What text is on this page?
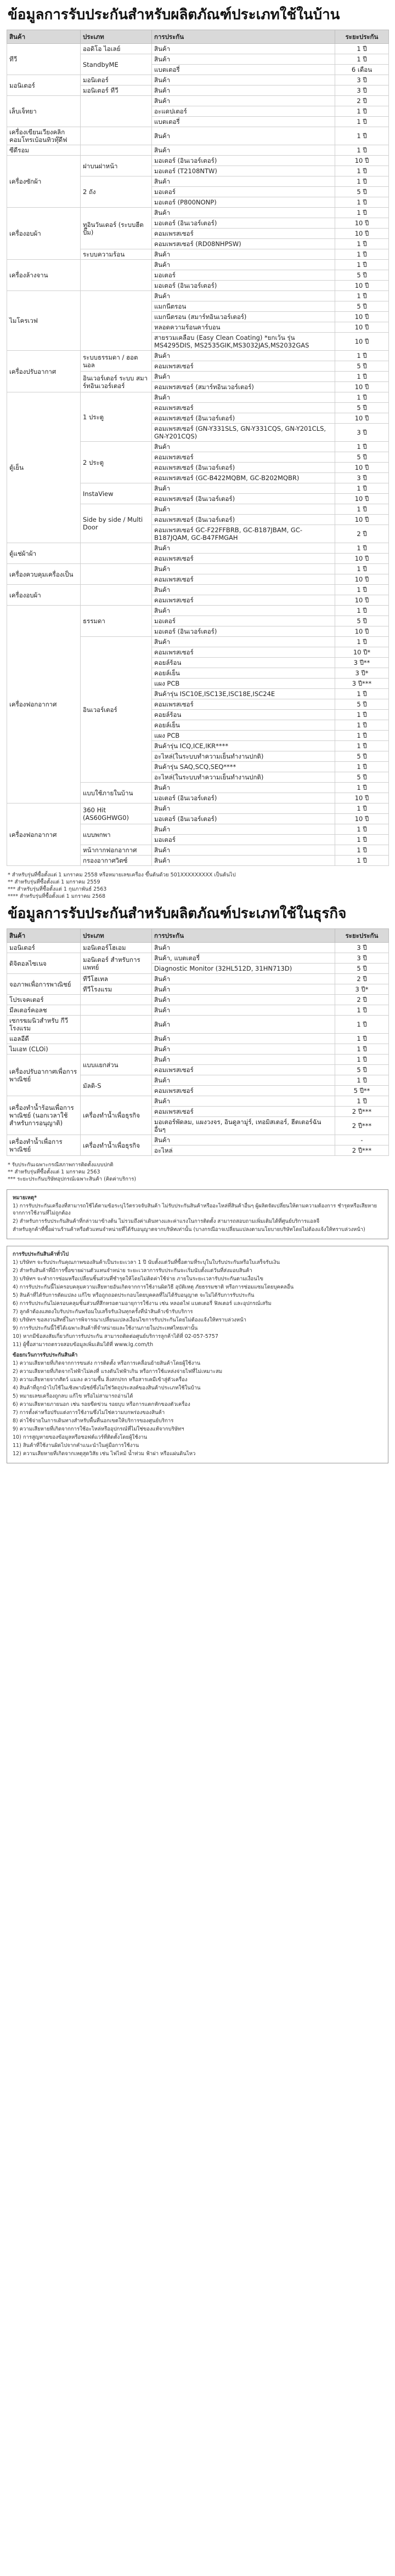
ข้อมูลการรับประกันสำหรับผลิตภัณฑ์ประเภทใช้ในบ้าน
สินค้า	ประเภท	การประกัน	ระยะประกัน
ทีวี	ออดิโอ ไอเลย์	สินค้า	1 ปี
	StandbyME	สินค้า	1 ปี
		แบตเตอรี่	6 เดือน
มอนิเตอร์	มอนิเตอร์	สินค้า	3 ปี
	มอนิเตอร์ ทีวี	สินค้า	3 ปี
เล็บเจ็ทยา		สินค้า	2 ปี
		อะแดปเตอร์	1 ปี
		แบตเตอรี่	1 ปี
เครื่องเขียนเวียงคลิก คอมโทรเบ้อนทิวทุ๊ดีฟ		สินค้า	1 ปี
ซีดีรอม		สินค้า	1 ปี
เครื่องซักผ้า	ฝาบนฝาหน้า	มอเตอร์ (อินเวอร์เตอร์)	10 ปี
		มอเตอร์ (T2108NTW)	1 ปี
	2 ถัง	สินค้า	1 ปี
		มอเตอร์	5 ปี
		มอเตอร์ (P800NONP)	1 ปี
เครื่องอบผ้า	ทูอินวันเดอร์ (ระบบฮีตปั๊ม)	สินค้า	1 ปี
		มอเตอร์ (อินเวอร์เตอร์)	10 ปี
		คอมเพรสเซอร์	10 ปี
		คอมเพรสเซอร์ (RD08NHPSW)	1 ปี
	ระบบความร้อน	สินค้า	1 ปี
เครื่องล้างจาน		สินค้า	1 ปี
		มอเตอร์	5 ปี
		มอเตอร์ (อินเวอร์เตอร์)	10 ปี
ไมโครเวฟ		สินค้า	1 ปี
		แมกนีตรอน	5 ปี
		แมกนีตรอน (สมาร์ทอินเวอร์เตอร์)	10 ปี
		หลอดความร้อนคาร์บอน	10 ปี
		สายรวมเคลือบ (Easy Clean Coating) *ยกเว้น รุ่น MS4295DIS, MS2535GIK,MS3032JAS,MS2032GAS	10 ปี
เครื่องปรับอากาศ	ระบบธรรมดา / ฮอตนอล	สินค้า	1 ปี
		คอมเพรสเซอร์	5 ปี
	อินเวอร์เตอร์ ระบบ สมาร์ทอินเวอร์เตอร์	สินค้า	1 ปี
		คอมเพรสเซอร์ (สมาร์ทอินเวอร์เตอร์)	10 ปี
ตู้เย็น	1 ประตู	สินค้า	1 ปี
		คอมเพรสเซอร์	5 ปี
		คอมเพรสเซอร์ (อินเวอร์เตอร์)	10 ปี
		คอมเพรสเซอร์ (GN-Y331SLS, GN-Y331CQS, GN-Y201CLS, GN-Y201CQS)	3 ปี
	2 ประตู	สินค้า	1 ปี
		คอมเพรสเซอร์	5 ปี
		คอมเพรสเซอร์ (อินเวอร์เตอร์)	10 ปี
		คอมเพรสเซอร์ (GC-B422MQBM, GC-B202MQBR)	3 ปี
	InstaView	สินค้า	1 ปี
		คอมเพรสเซอร์ (อินเวอร์เตอร์)	10 ปี
	Side by side / Multi Door	สินค้า	1 ปี
		คอมเพรสเซอร์ (อินเวอร์เตอร์)	10 ปี
		คอมเพรสเซอร์ GC-F22FFBRB, GC-B187JBAM, GC-B187JQAM, GC-B47FMGAH	2 ปี
ตู้แช่ผ้าผ้า		สินค้า	1 ปี
		คอมเพรสเซอร์	10 ปี
เครื่องควบคุมเครื่องเป็น		สินค้า	1 ปี
		คอมเพรสเซอร์	10 ปี
เครื่องอบผ้า		สินค้า	1 ปี
		คอมเพรสเซอร์	10 ปี
เครื่องฟอกอากาศ	ธรรมดา	สินค้า	1 ปี
		มอเตอร์	5 ปี
		มอเตอร์ (อินเวอร์เตอร์)	10 ปี
	อินเวอร์เตอร์	สินค้า	1 ปี
		คอมเพรสเซอร์	10 ปี*
		คอยล์ร้อน	3 ปี**
		คอยล์เย็น	3 ปี*
		แผง PCB	3 ปี***
		สินค้ารุ่น ISC10E,ISC13E,ISC18E,ISC24E	1 ปี
		คอมเพรสเซอร์	5 ปี
		คอยล์ร้อน	1 ปี
		คอยล์เย็น	1 ปี
		แผง PCB	1 ปี
		สินค้ารุ่น ICQ,ICE,IKR****	1 ปี
		อะไหล่(ในระบบทำความเย็นทำงานปกติ)	5 ปี
		สินค้ารุ่น SAQ,SCQ,SEQ****	1 ปี
		อะไหล่(ในระบบทำความเย็นทำงานปกติ)	5 ปี
	แบบใช้ภายในบ้าน	สินค้า	1 ปี
		มอเตอร์ (อินเวอร์เตอร์)	10 ปี
เครื่องฟอกอากาศ	360 Hit (AS60GHWG0)	สินค้า	1 ปี
		มอเตอร์ (อินเวอร์เตอร์)	10 ปี
	แบบพกพา	สินค้า	1 ปี
		มอเตอร์	1 ปี
	หน้ากากฟอกอากาศ	สินค้า	1 ปี
	กรองอากาศวิตซ์	สินค้า	1 ปี

* สำหรับรุ่นที่ซื้อตั้งแต่ 1 มกราคม 2558 หรือหมายเลขเครื่อง ขึ้นต้นด้วย 501XXXXXXXXX เป็นต้นไป

** สำหรับรุ่นที่ซื้อตั้งแต่ 1 มกราคม 2559

*** สำหรับรุ่นที่ซื้อตั้งแต่ 1 กุมภาพันธ์ 2563

**** สำหรับรุ่นที่ซื้อตั้งแต่ 1 มกราคม 2568

ข้อมูลการรับประกันสำหรับผลิตภัณฑ์ประเภทใช้ในธุรกิจ
สินค้า	ประเภท	การประกัน	ระยะประกัน
มอนิเตอร์	มอนิเตอร์โฮเอม	สินค้า	3 ปี
ดิจิตอลไซเนจ	มอนิเตอร์ สำหรับการแพทย์	สินค้า, แบตเตอรี่	3 ปี
		Diagnostic Monitor (32HL512D, 31HN713D)	5 ปี
จอภาพเพื่อการพาณิชย์	ทีวีโฮเทล	สินค้า	2 ปี
	ทีวีโรงแรม	สินค้า	3 ปี*
โปรเจคเตอร์		สินค้า	2 ปี
มีลเตอร์คอลช		สินค้า	1 ปี
เซกรฆมนิวสำหรับ กีวีโรงแรม		สินค้า	1 ปี
แอลอีดี		สินค้า	1 ปี
ไมเอท (CLOi)		สินค้า	1 ปี
เครื่องปรับอากาศเพื่อการพาณิชย์	แบบแยกส่วน	สินค้า	1 ปี
		คอมเพรสเซอร์	5 ปี
	มัลติ-S	สินค้า	1 ปี
		คอมเพรสเซอร์	5 ปี**
เครื่องทำน้ำร้อนเพื่อการพาณิชย์ (นอกเวลาใช้สำหรับการอนุญาติ)	เครื่องทำน้ำเพื่อธุรกิจ	สินค้า	1 ปี
		คอมเพรสเซอร์	2 ปี***
		มอเตอร์พัดลม, แผงวงจร, อินดูลามู่ร์, เทอมิสเตอร์, ฮีตเตอร์ฉันอื่นๆ	2 ปี***
เครื่องทำน้ำเพื่อการพาณิชย์	เครื่องทำน้ำเพื่อธุรกิจ	สินค้า	-
		อะไหล่	2 ปี***

* รับประกันเฉพาะกรณีสภาพการติดตั้งแบบปกติ

** สำหรับรุ่นที่ซื้อตั้งแต่ 1 มกราคม 2563

*** ระยะประกันบริษัทอุปกรณ์เฉพาะสินค้า (คิดค่าบริการ)

หมายเหตุ*

1) การรับประกันเครื่องที่สามารถใช้ได้ตามข้อระบุไว้ตรวจจับสินค้า ไม่รับประกันสินค้าหรืออะไหล่ที่สินค้าอื่นๆ ผู้ผลิตจัดเปลี่ยนให้ตามความต้องการ ชำรุดหรือเสียหายจากการใช้งานที่ไม่ถูกต้อง

2) สำหรับการรับประกันสินค้าที่กล่าวมาข้างต้น ไม่รวมถึงค่าเดินทางและค่าแรงในการติดตั้ง สามารถสอบถามเพิ่มเติมได้ที่ศูนย์บริการแอลจี

สำหรับลูกค้าที่ซื้อผ่านร้านค้าหรือตัวแทนจำหน่ายที่ได้รับอนุญาตจากบริษัทเท่านั้น (บางกรณีอาจเปลี่ยนแปลงตามนโยบายบริษัทโดยไม่ต้องแจ้งให้ทราบล่วงหน้า)

การรับประกันสินค้าทั่วไป

1) บริษัทฯ จะรับประกันคุณภาพของสินค้าเป็นระยะเวลา 1 ปี นับตั้งแต่วันที่ซื้อตามที่ระบุในใบรับประกันหรือใบเสร็จรับเงิน

2) สำหรับสินค้าที่มีการซื้อขายผ่านตัวแทนจำหน่าย ระยะเวลาการรับประกันจะเริ่มนับตั้งแต่วันที่ส่งมอบสินค้า

3) บริษัทฯ จะทำการซ่อมหรือเปลี่ยนชิ้นส่วนที่ชำรุดให้โดยไม่คิดค่าใช้จ่าย ภายในระยะเวลารับประกันตามเงื่อนไข

4) การรับประกันนี้ไม่ครอบคลุมความเสียหายอันเกิดจากการใช้งานผิดวิธี อุบัติเหตุ ภัยธรรมชาติ หรือการซ่อมแซมโดยบุคคลอื่น

5) สินค้าที่ได้รับการดัดแปลง แก้ไข หรือถูกถอดประกอบโดยบุคคลที่ไม่ได้รับอนุญาต จะไม่ได้รับการรับประกัน

6) การรับประกันไม่ครอบคลุมชิ้นส่วนที่สึกหรอตามอายุการใช้งาน เช่น หลอดไฟ แบตเตอรี่ ฟิลเตอร์ และอุปกรณ์เสริม

7) ลูกค้าต้องแสดงใบรับประกันพร้อมใบเสร็จรับเงินทุกครั้งที่นำสินค้าเข้ารับบริการ

8) บริษัทฯ ขอสงวนสิทธิ์ในการพิจารณาเปลี่ยนแปลงเงื่อนไขการรับประกันโดยไม่ต้องแจ้งให้ทราบล่วงหน้า

9) การรับประกันนี้ใช้ได้เฉพาะสินค้าที่จำหน่ายและใช้งานภายในประเทศไทยเท่านั้น

10) หากมีข้อสงสัยเกี่ยวกับการรับประกัน สามารถติดต่อศูนย์บริการลูกค้าได้ที่ 02-057-5757

11) ผู้ซื้อสามารถตรวจสอบข้อมูลเพิ่มเติมได้ที่ www.lg.com/th

ข้อยกเว้นการรับประกันสินค้า

1) ความเสียหายที่เกิดจากการขนส่ง การติดตั้ง หรือการเคลื่อนย้ายสินค้าโดยผู้ใช้งาน

2) ความเสียหายที่เกิดจากไฟฟ้าไม่คงที่ แรงดันไฟฟ้าเกิน หรือการใช้แหล่งจ่ายไฟที่ไม่เหมาะสม

3) ความเสียหายจากสัตว์ แมลง ความชื้น สิ่งสกปรก หรือสารเคมีเข้าสู่ตัวเครื่อง

4) สินค้าที่ถูกนำไปใช้ในเชิงพาณิชย์ซึ่งไม่ใช่วัตถุประสงค์ของสินค้าประเภทใช้ในบ้าน

5) หมายเลขเครื่องถูกลบ แก้ไข หรือไม่สามารถอ่านได้

6) ความเสียหายภายนอก เช่น รอยขีดข่วน รอยบุบ หรือการแตกหักของตัวเครื่อง

7) การตั้งค่าหรือปรับแต่งการใช้งานซึ่งไม่ใช่ความบกพร่องของสินค้า

8) ค่าใช้จ่ายในการเดินทางสำหรับพื้นที่นอกเขตให้บริการของศูนย์บริการ

9) ความเสียหายที่เกิดจากการใช้อะไหล่หรืออุปกรณ์ที่ไม่ใช่ของแท้จากบริษัทฯ

10) การสูญหายของข้อมูลหรือซอฟต์แวร์ที่ติดตั้งโดยผู้ใช้งาน

11) สินค้าที่ใช้งานผิดไปจากคำแนะนำในคู่มือการใช้งาน

12) ความเสียหายที่เกิดจากเหตุสุดวิสัย เช่น ไฟไหม้ น้ำท่วม ฟ้าผ่า หรือแผ่นดินไหว
